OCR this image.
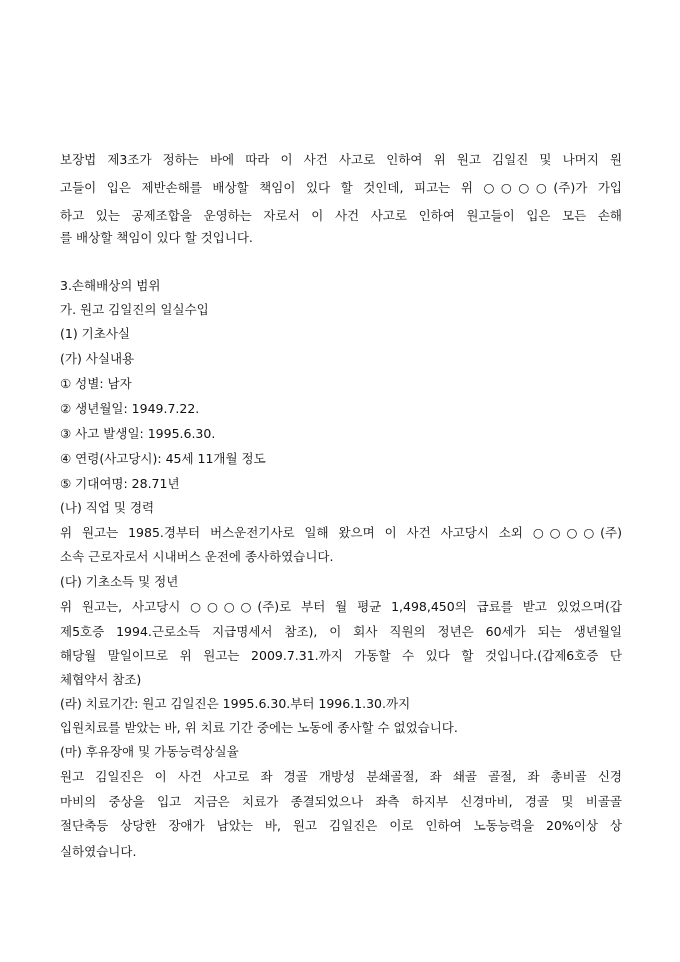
보장법 제3조가 정하는 바에 따라 이 사건 사고로 인하여 위 원고 김일진 및 나머지 원
고들이 입은 제반손해를 배상할 책임이 있다 할 것인데, 피고는 위 ○○○○(주)가 가입
하고 있는 공제조합을 운영하는 자로서 이 사건 사고로 인하여 원고들이 입은 모든 손해
를 배상할 책임이 있다 할 것입니다.
3.손해배상의 범위
가. 원고 김일진의 일실수입
(1) 기초사실
(가) 사실내용
① 성별: 남자
② 생년월일: 1949.7.22.
③ 사고 발생일: 1995.6.30.
④ 연령(사고당시): 45세 11개월 정도
⑤ 기대여명: 28.71년
(나) 직업 및 경력
위 원고는 1985.경부터 버스운전기사로 일해 왔으며 이 사건 사고당시 소외 ○○○○(주)
소속 근로자로서 시내버스 운전에 종사하였습니다.
(다) 기초소득 및 정년
위 원고는, 사고당시 ○○○○(주)로 부터 월 평균 1,498,450의 급료를 받고 있었으며(갑
제5호증 1994.근로소득 지급명세서 참조), 이 회사 직원의 정년은 60세가 되는 생년월일
해당월 말일이므로 위 원고는 2009.7.31.까지 가동할 수 있다 할 것입니다.(갑제6호증 단
체협약서 참조)
(라) 치료기간: 원고 김일진은 1995.6.30.부터 1996.1.30.까지
입원치료를 받았는 바, 위 치료 기간 중에는 노동에 종사할 수 없었습니다.
(마) 후유장애 및 가동능력상실율
원고 김일진은 이 사건 사고로 좌 경골 개방성 분쇄골절, 좌 쇄골 골절, 좌 총비골 신경
마비의 중상을 입고 지금은 치료가 종결되었으나 좌측 하지부 신경마비, 경골 및 비골골
절단축등 상당한 장애가 남았는 바, 원고 김일진은 이로 인하여 노동능력을 20%이상 상
실하였습니다.
